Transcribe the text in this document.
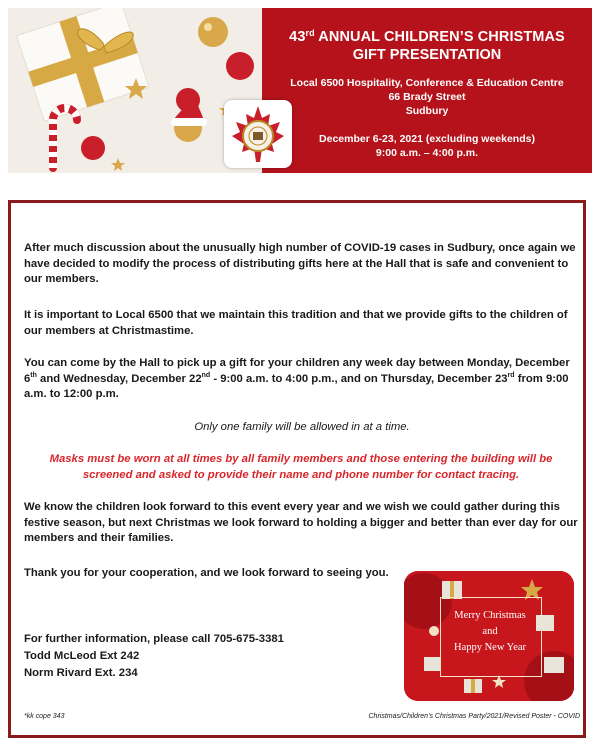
43rd ANNUAL CHILDREN’S CHRISTMAS
GIFT PRESENTATION
Local 6500 Hospitality, Conference & Education Centre
66 Brady Street
Sudbury
December 6-23, 2021 (excluding weekends)
9:00 a.m. – 4:00 p.m.
After much discussion about the unusually high number of COVID-19 cases in Sudbury, once again we have decided to modify the process of distributing gifts here at the Hall that is safe and convenient to our members.
It is important to Local 6500 that we maintain this tradition and that we provide gifts to the children of our members at Christmastime.
You can come by the Hall to pick up a gift for your children any week day between Monday, December 6th and Wednesday, December 22nd - 9:00 a.m. to 4:00 p.m., and on Thursday, December 23rd from 9:00 a.m. to 12:00 p.m.
Only one family will be allowed in at a time.
Masks must be worn at all times by all family members and those entering the building will be screened and asked to provide their name and phone number for contact tracing.
We know the children look forward to this event every year and we wish we could gather during this festive season, but next Christmas we look forward to holding a bigger and better than ever day for our members and their families.
Thank you for your cooperation, and we look forward to seeing you.
For further information, please call 705-675-3381
Todd McLeod Ext 242
Norm Rivard Ext. 234
Merry Christmas
and
Happy New Year
*kk cope 343	Christmas/Children’s Christmas Party/2021/Revised Poster - COVID
